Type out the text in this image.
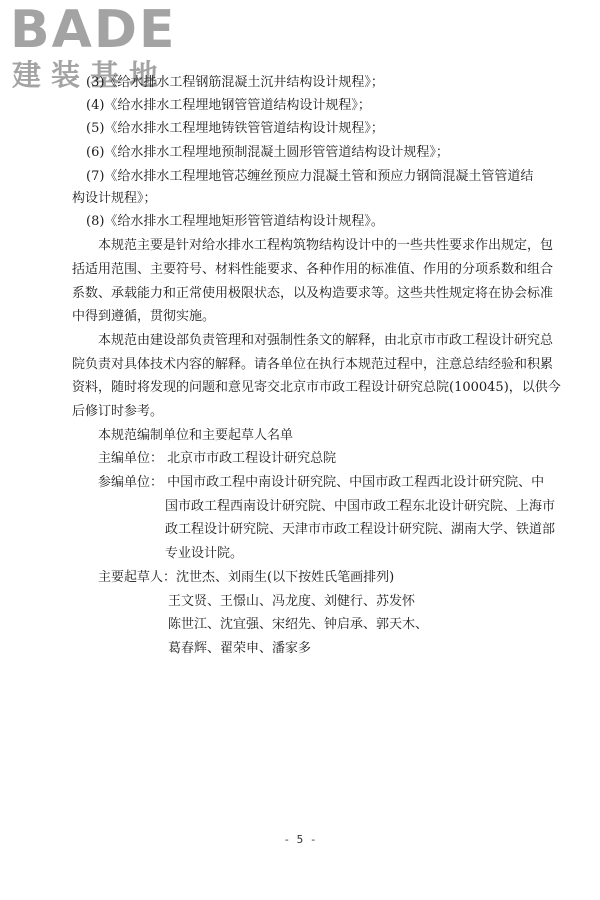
BADE
建装基地
(3)《给水排水工程钢筋混凝土沉井结构设计规程》；
(4)《给水排水工程埋地钢管管道结构设计规程》；
(5)《给水排水工程埋地铸铁管管道结构设计规程》；
(6)《给水排水工程埋地预制混凝土圆形管管道结构设计规程》；
(7)《给水排水工程埋地管芯缠丝预应力混凝土管和预应力钢筒混凝土管管道结
构设计规程》；
(8)《给水排水工程埋地矩形管管道结构设计规程》。
本规范主要是针对给水排水工程构筑物结构设计中的一些共性要求作出规定，包
括适用范围、主要符号、材料性能要求、各种作用的标准值、作用的分项系数和组合
系数、承载能力和正常使用极限状态，以及构造要求等。这些共性规定将在协会标准
中得到遵循，贯彻实施。
本规范由建设部负责管理和对强制性条文的解释，由北京市市政工程设计研究总
院负责对具体技术内容的解释。请各单位在执行本规范过程中，注意总结经验和积累
资料，随时将发现的问题和意见寄交北京市市政工程设计研究总院(100045)，以供今
后修订时参考。
本规范编制单位和主要起草人名单
主编单位： 北京市市政工程设计研究总院
参编单位： 中国市政工程中南设计研究院、中国市政工程西北设计研究院、中
国市政工程西南设计研究院、中国市政工程东北设计研究院、上海市
政工程设计研究院、天津市市政工程设计研究院、湖南大学、铁道部
专业设计院。
主要起草人：沈世杰、刘雨生(以下按姓氏笔画排列)
王文贤、王憬山、冯龙度、刘健行、苏发怀
陈世江、沈宜强、宋绍先、钟启承、郭天木、
葛春辉、翟荣申、潘家多
- 5 -
